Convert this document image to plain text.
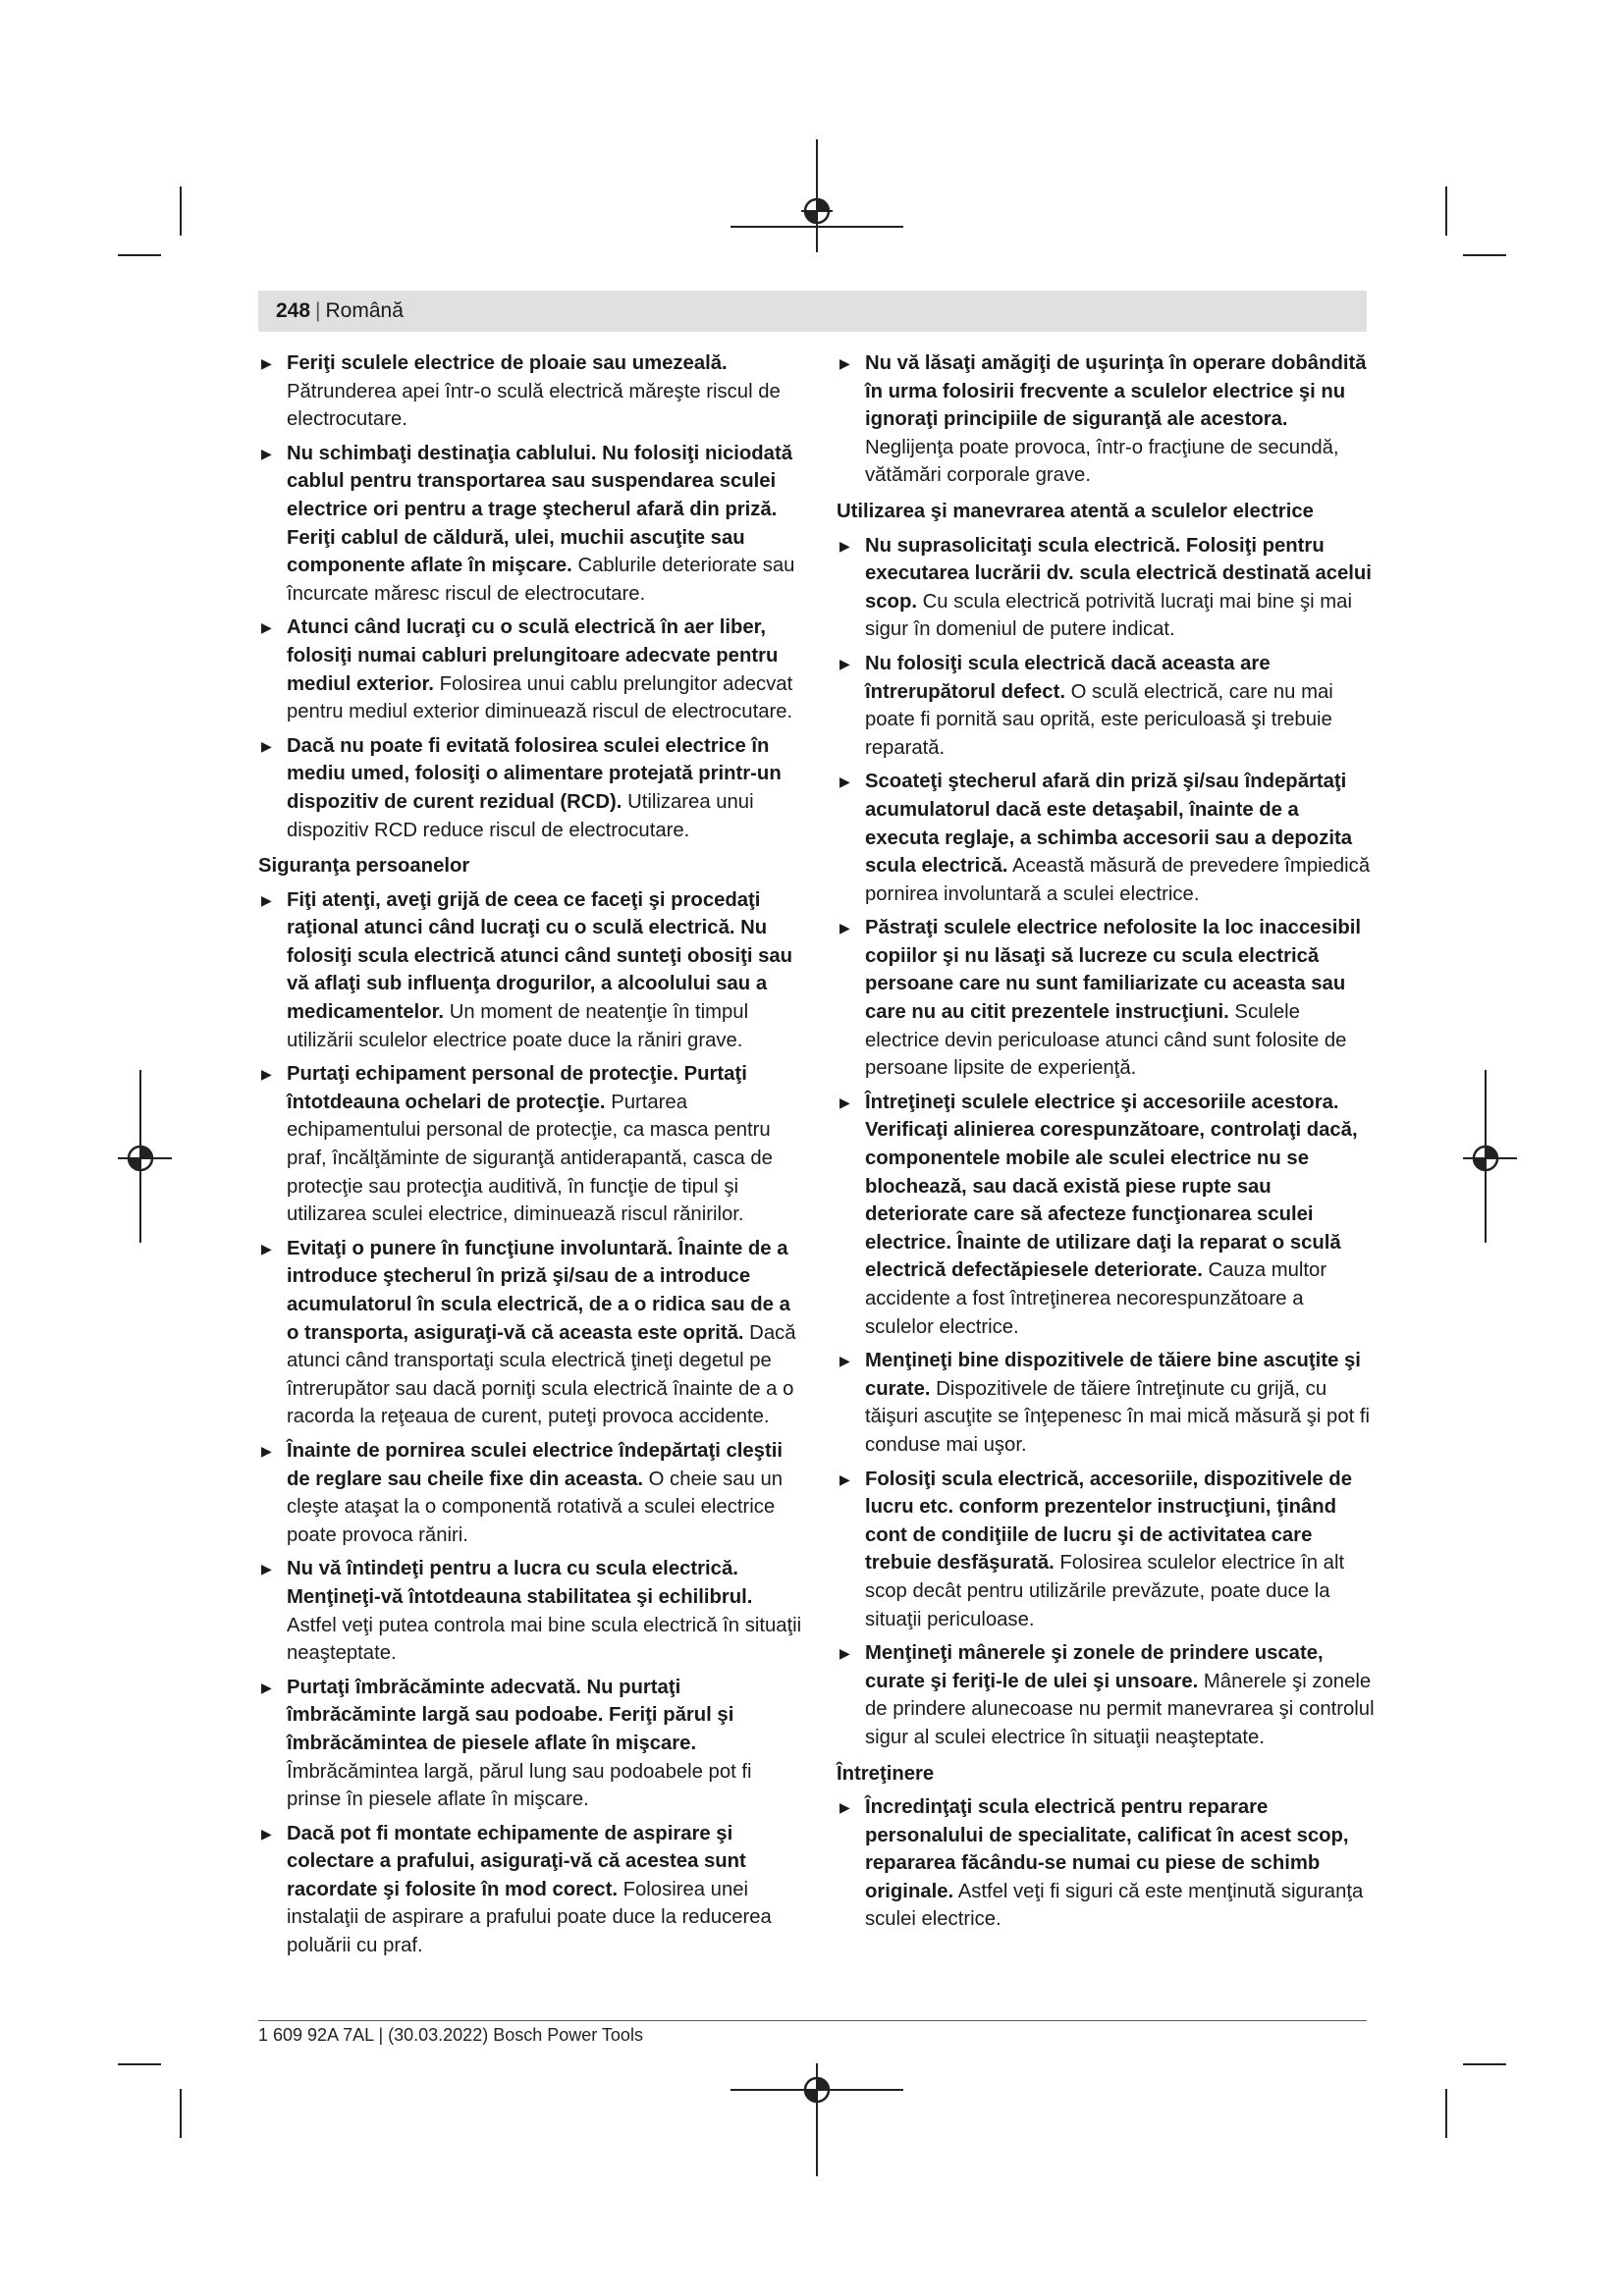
248 | Română
▶ Feriţi sculele electrice de ploaie sau umezeală. Pătrunderea apei într-o sculă electrică măreşte riscul de electrocutare.
▶ Nu schimbaţi destinaţia cablului. Nu folosiţi niciodată cablul pentru transportarea sau suspendarea sculei electrice ori pentru a trage ştecherul afară din priză. Feriţi cablul de căldură, ulei, muchii ascuţite sau componente aflate în mişcare. Cablurile deteriorate sau încurcate măresc riscul de electrocutare.
▶ Atunci când lucraţi cu o sculă electrică în aer liber, folosiţi numai cabluri prelungitoare adecvate pentru mediul exterior. Folosirea unui cablu prelungitor adecvat pentru mediul exterior diminuează riscul de electrocutare.
▶ Dacă nu poate fi evitată folosirea sculei electrice în mediu umed, folosiţi o alimentare protejată printr-un dispozitiv de curent rezidual (RCD). Utilizarea unui dispozitiv RCD reduce riscul de electrocutare.
Siguranţa persoanelor
▶ Fiţi atenţi, aveţi grijă de ceea ce faceţi şi procedaţi raţional atunci când lucraţi cu o sculă electrică. Nu folosiţi scula electrică atunci când sunteţi obosiţi sau vă aflaţi sub influenţa drogurilor, a alcoolului sau a medicamentelor. Un moment de neatenţie în timpul utilizării sculelor electrice poate duce la răniri grave.
▶ Purtaţi echipament personal de protecţie. Purtaţi întotdeauna ochelari de protecţie. Purtarea echipamentului personal de protecţie, ca masca pentru praf, încălţăminte de siguranţă antiderapantă, casca de protecţie sau protecţia auditivă, în funcţie de tipul şi utilizarea sculei electrice, diminuează riscul rănirilor.
▶ Evitaţi o punere în funcţiune involuntară. Înainte de a introduce ştecherul în priză şi/sau de a introduce acumulatorul în scula electrică, de a o ridica sau de a o transporta, asiguraţi-vă că aceasta este oprită. Dacă atunci când transportaţi scula electrică ţineţi degetul pe întrerupător sau dacă porniţi scula electrică înainte de a o racorda la reţeaua de curent, puteţi provoca accidente.
▶ Înainte de pornirea sculei electrice îndepărtaţi cleştii de reglare sau cheile fixe din aceasta. O cheie sau un cleşte ataşat la o componentă rotativă a sculei electrice poate provoca răniri.
▶ Nu vă întindeţi pentru a lucra cu scula electrică. Menţineţi-vă întotdeauna stabilitatea şi echilibrul. Astfel veţi putea controla mai bine scula electrică în situaţii neaşteptate.
▶ Purtaţi îmbrăcăminte adecvată. Nu purtaţi îmbrăcăminte largă sau podoabe. Feriţi părul şi îmbrăcămintea de piesele aflate în mişcare. Îmbrăcămintea largă, părul lung sau podoabele pot fi prinse în piesele aflate în mişcare.
▶ Dacă pot fi montate echipamente de aspirare şi colectare a prafului, asiguraţi-vă că acestea sunt racordate şi folosite în mod corect. Folosirea unei instalaţii de aspirare a prafului poate duce la reducerea poluării cu praf.
▶ Nu vă lăsaţi amăgiţi de uşurinţa în operare dobândită în urma folosirii frecvente a sculelor electrice şi nu ignoraţi principiile de siguranţă ale acestora. Neglijenţa poate provoca, într-o fracţiune de secundă, vătămări corporale grave.
Utilizarea şi manevrarea atentă a sculelor electrice
▶ Nu suprasolicitaţi scula electrică. Folosiţi pentru executarea lucrării dv. scula electrică destinată acelui scop. Cu scula electrică potrivită lucraţi mai bine şi mai sigur în domeniul de putere indicat.
▶ Nu folosiţi scula electrică dacă aceasta are întrerupătorul defect. O sculă electrică, care nu mai poate fi pornită sau oprită, este periculoasă şi trebuie reparată.
▶ Scoateţi ştecherul afară din priză şi/sau îndepărtaţi acumulatorul dacă este detaşabil, înainte de a executa reglaje, a schimba accesorii sau a depozita scula electrică. Această măsură de prevedere împiedică pornirea involuntară a sculei electrice.
▶ Păstraţi sculele electrice nefolosite la loc inaccesibil copiilor şi nu lăsaţi să lucreze cu scula electrică persoane care nu sunt familiarizate cu aceasta sau care nu au citit prezentele instrucţiuni. Sculele electrice devin periculoase atunci când sunt folosite de persoane lipsite de experienţă.
▶ Întreţineţi sculele electrice şi accesoriile acestora. Verificaţi alinierea corespunzătoare, controlaţi dacă, componentele mobile ale sculei electrice nu se blochează, sau dacă există piese rupte sau deteriorate care să afecteze funcţionarea sculei electrice. Înainte de utilizare daţi la reparat o sculă electrică defectăpiesele deteriorate. Cauza multor accidente a fost întreţinerea necorespunzătoare a sculelor electrice.
▶ Menţineţi bine dispozitivele de tăiere bine ascuţite şi curate. Dispozitivele de tăiere întreţinute cu grijă, cu tăişuri ascuţite se înţepenesc în mai mică măsură şi pot fi conduse mai uşor.
▶ Folosiţi scula electrică, accesoriile, dispozitivele de lucru etc. conform prezentelor instrucţiuni, ţinând cont de condiţiile de lucru şi de activitatea care trebuie desfăşurată. Folosirea sculelor electrice în alt scop decât pentru utilizările prevăzute, poate duce la situaţii periculoase.
▶ Menţineţi mânerele şi zonele de prindere uscate, curate şi feriţi-le de ulei şi unsoare. Mânerele şi zonele de prindere alunecoase nu permit manevrarea şi controlul sigur al sculei electrice în situaţii neaşteptate.
Întreţinere
▶ Încredinţaţi scula electrică pentru reparare personalului de specialitate, calificat în acest scop, repararea făcându-se numai cu piese de schimb originale. Astfel veţi fi siguri că este menţinută siguranţa sculei electrice.
1 609 92A 7AL | (30.03.2022) Bosch Power Tools
